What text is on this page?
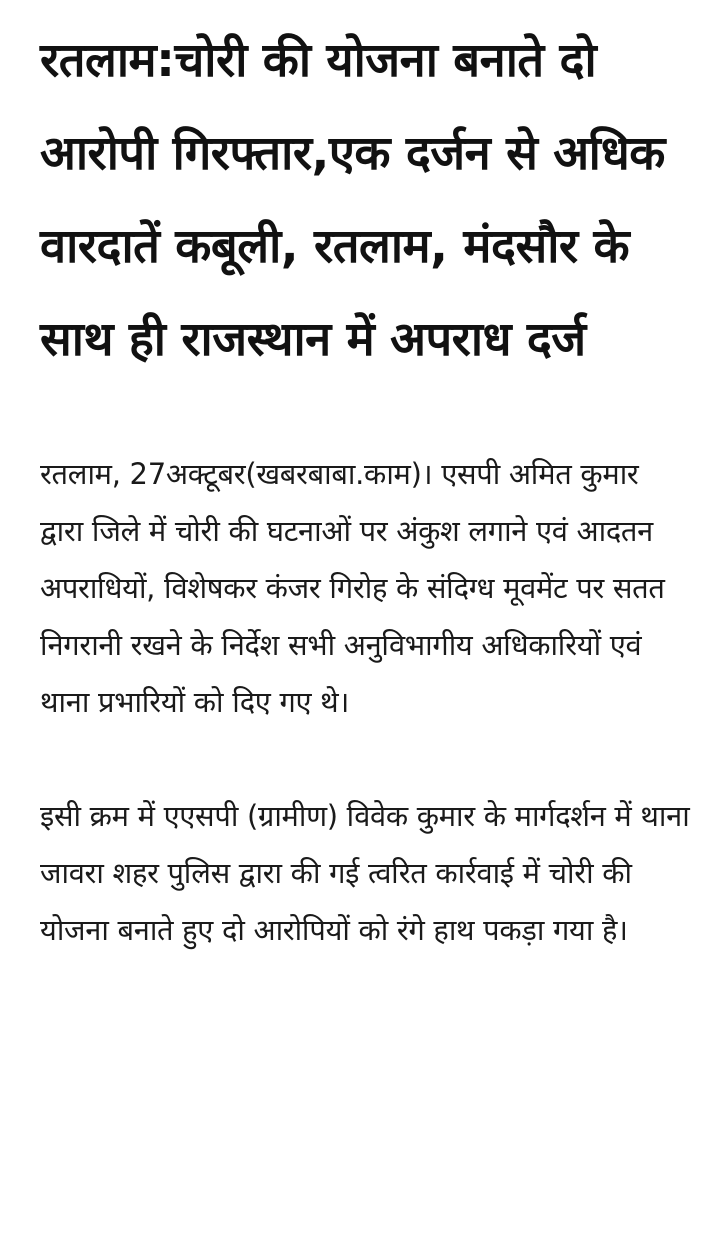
रतलाम:चोरी की योजना बनाते दो आरोपी गिरफ्तार,एक दर्जन से अधिक वारदातें कबूली, रतलाम, मंदसौर के साथ ही राजस्थान में अपराध दर्ज

रतलाम, 27अक्टूबर(खबरबाबा.काम)। एसपी अमित कुमार द्वारा जिले में चोरी की घटनाओं पर अंकुश लगाने एवं आदतन अपराधियों, विशेषकर कंजर गिरोह के संदिग्ध मूवमेंट पर सतत निगरानी रखने के निर्देश सभी अनुविभागीय अधिकारियों एवं थाना प्रभारियों को दिए गए थे।

इसी क्रम में एएसपी (ग्रामीण) विवेक कुमार के मार्गदर्शन में थाना जावरा शहर पुलिस द्वारा की गई त्वरित कार्रवाई में चोरी की योजना बनाते हुए दो आरोपियों को रंगे हाथ पकड़ा गया है।
